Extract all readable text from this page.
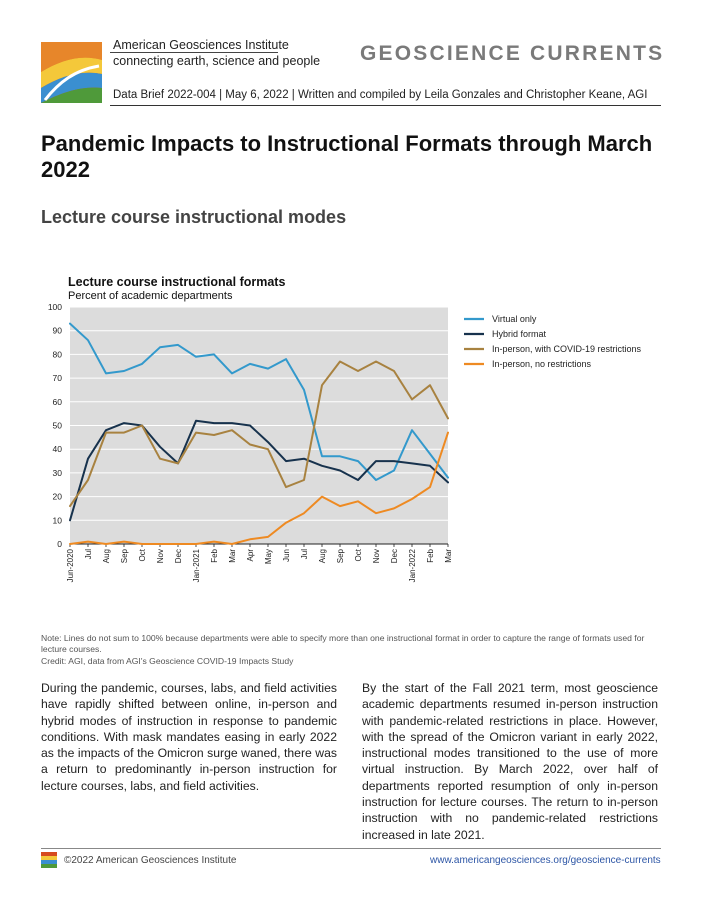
American Geosciences Institute
connecting earth, science and people GEOSCIENCE CURRENTS
Data Brief 2022-004 | May 6, 2022 | Written and compiled by Leila Gonzales and Christopher Keane, AGI
Pandemic Impacts to Instructional Formats through March 2022
Lecture course instructional modes
Lecture course instructional formats
Percent of academic departments
0
10
20
30
40
50
60
70
80
90
100
Jun-2020 Jul Aug Sep Oct Nov Dec Jan-2021 Feb Mar Apr May Jun Jul Aug Sep Oct Nov Dec Jan-2022 Feb Mar
Virtual only
Hybrid format
In-person, with COVID-19 restrictions
In-person, no restrictions
Note: Lines do not sum to 100% because departments were able to specify more than one instructional format in order to capture the range of formats used for lecture courses.
Credit: AGI, data from AGI's Geoscience COVID-19 Impacts Study
During the pandemic, courses, labs, and field activities have rapidly shifted between online, in-person and hybrid modes of instruction in response to pandemic conditions. With mask mandates easing in early 2022 as the impacts of the Omicron surge waned, there was a return to predominantly in-person instruction for lecture courses, labs, and field activities.
By the start of the Fall 2021 term, most geoscience academic departments resumed in-person instruction with pandemic-related restrictions in place. However, with the spread of the Omicron variant in early 2022, instructional modes transitioned to the use of more virtual instruction. By March 2022, over half of departments reported resumption of only in-person instruction for lecture courses. The return to in-person instruction with no pandemic-related restrictions increased in late 2021.
©2022 American Geosciences Institute	www.americangeosciences.org/geoscience-currents
